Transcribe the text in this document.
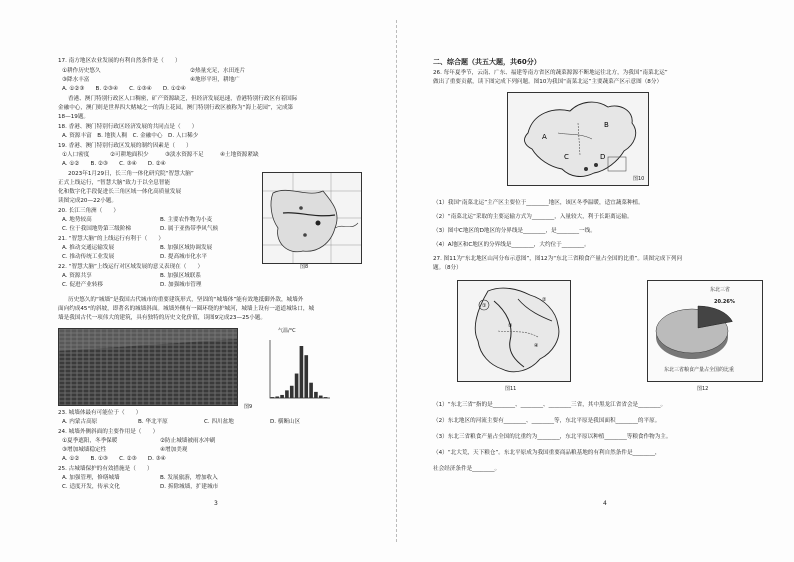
17. 南方地区农业发展的有利自然条件是（　　）
①耕作历史悠久	②热量充足，水田连片
③降水丰富	④地形平坦，耕地广
A. ①②③　　B. ②③④　　C. ①③④　　D. ①②④
香港、澳门特别行政区人口稠密，矿产资源缺乏，但经济发展迅速，香港特别行政区有着国际
金融中心，澳门则是世界四大赌城之一的海上花园。澳门特别行政区被称为“海上花园”，完成第
18—19题。
18. 香港、澳门特别行政区经济发展的共同点是（　　）
A. 资源丰富　B. 地狭人稠　C. 金融中心　D. 人口稀少
19. 香港、澳门特别行政区发展的制约因素是（　　）
①人口密度	②可耕地面积少	③淡水资源不足	④土地资源紧缺
A. ①②　　B. ②③　　C. ③④　　D. ②④
2023年1月29日，长三角一体化研究院“智慧大脑”
正式上线运行，“智慧大脑”致力于以全息智能
化和数字化手段促进长三角区域一体化高质量发展
读图完成20—22小题。
图8
20. 长江三角洲（　　）
A. 地势较高	B. 主要农作物为小麦
C. 位于我国地势第三级阶梯	D. 属于亚热带季风气候
21. “智慧大脑”的上线运行有利于（　　）
A. 推动交通运输发展	B. 加强区域协调发展
C. 推动传统工业发展	D. 提高城市化水平
22. “智慧大脑”上线运行对区域发展的意义表现在（　　）
A. 资源共享	B. 加强区域联系
C. 促进产业转移	D. 加强城市管理
历史悠久的“城墙”是我国古代城市的重要建筑形式，坚固的“城墙体”能有效地抵御外敌，城墙外
面向约成45°的斜坡，即著名的城墙斜面。城墙外侧有一圈环绕的护城河，城墙上设有一道道城垛口，城
墙是我国古代一项伟大的建筑，具有独特的历史文化价值，读图9完成23—25小题。
气温/°C
图9
23. 城墙体最有可能位于（　　）
A. 内蒙古高原	B. 华北平原	C. 四川盆地	D. 横断山区
24. 城墙外侧斜面的主要作用是（　　）
①夏季遮阳，冬季保暖	②防止城墙被雨水冲刷
③增加城墙稳定性	④增加美观
A. ①②　　B. ①③　　C. ②③　　D. ③④
25. 古城墙保护的有效措施是（　　）
A. 加强管理，修缮城墙	B. 发展旅游，增加收入
C. 适度开发，传承文化	D. 拆除城墙，扩建城市
3
二、综合题（共五大题，共60分）
26. 每年夏季节，云南、广东、福建等南方省区的蔬菜源源不断地运往北方，为我国“南菜北运”
做出了重要贡献，读下图完成下列问题。图10为我国“南菜北运”主要蔬菜产区示意图（8分）
A
B
C	D
图10
（1）我国“南菜北运”主产区主要位于________地区，该区冬季温暖，适宜蔬菜种植。
（2）“南菜北运”采取的主要运输方式为________，入量较大，利于长距离运输。
（3）图中C地区的D地区的分界线是________，是________一线。
（4）A地区和C地区的分界线是________，大约位于________。
27. 图11为“东北地区山河分布示意图”，图12为“东北三省粮食产量占全国的比重”。读图完成下列问
题。（8分）
①
②
③
④
图11
东北三省
20.26%
东北三省粮食产量占全国的比重
图12
（1）“东北三省”指的是________、________、________三省，其中黑龙江省省会是________。
（2）东北地区的河流主要有________、________等，东北平原是我国面积________的平原。
（3）东北三省粮食产量占全国的比重约为________，东北平原以种植________等粮食作物为主。
（4）“北大荒，天下粮仓”。东北平原成为我国重要商品粮基地的有利自然条件是________，
社会经济条件是________。
4
